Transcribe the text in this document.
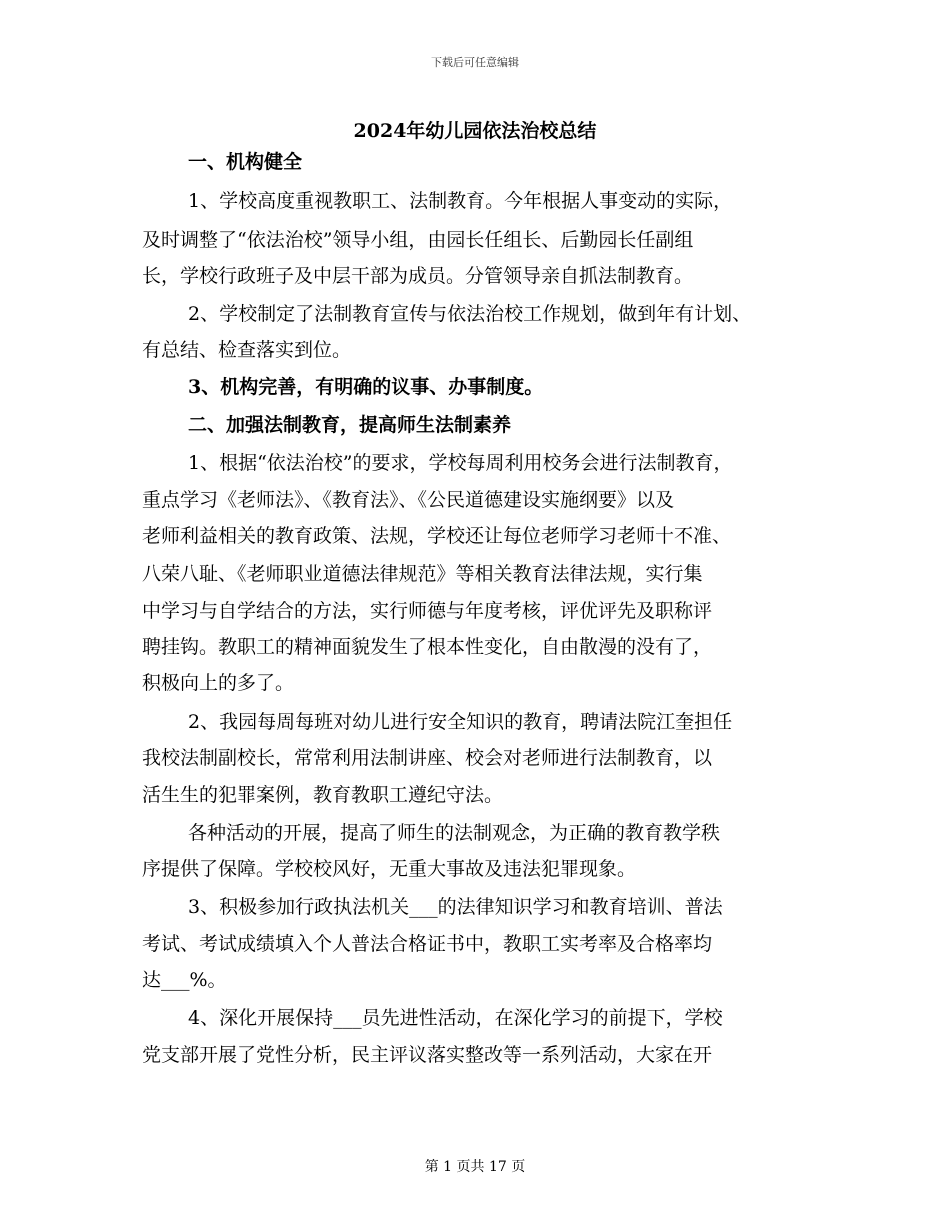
下载后可任意编辑
2024年幼儿园依法治校总结
一、机构健全
1、学校高度重视教职工、法制教育。今年根据人事变动的实际，
及时调整了“依法治校”领导小组，由园长任组长、后勤园长任副组
长，学校行政班子及中层干部为成员。分管领导亲自抓法制教育。
2、学校制定了法制教育宣传与依法治校工作规划，做到年有计划、
有总结、检查落实到位。
3、机构完善，有明确的议事、办事制度。
二、加强法制教育，提高师生法制素养
1、根据“依法治校”的要求，学校每周利用校务会进行法制教育，
重点学习《老师法》、《教育法》、《公民道德建设实施纲要》以及
老师利益相关的教育政策、法规，学校还让每位老师学习老师十不准、
八荣八耻、《老师职业道德法律规范》等相关教育法律法规，实行集
中学习与自学结合的方法，实行师德与年度考核，评优评先及职称评
聘挂钩。教职工的精神面貌发生了根本性变化，自由散漫的没有了，
积极向上的多了。
2、我园每周每班对幼儿进行安全知识的教育，聘请法院江奎担任
我校法制副校长，常常利用法制讲座、校会对老师进行法制教育，以
活生生的犯罪案例，教育教职工遵纪守法。
各种活动的开展，提高了师生的法制观念，为正确的教育教学秩
序提供了保障。学校校风好，无重大事故及违法犯罪现象。
3、积极参加行政执法机关___的法律知识学习和教育培训、普法
考试、考试成绩填入个人普法合格证书中，教职工实考率及合格率均
达___%。
4、深化开展保持___员先进性活动，在深化学习的前提下，学校
党支部开展了党性分析，民主评议落实整改等一系列活动，大家在开
第 1 页共 17 页
